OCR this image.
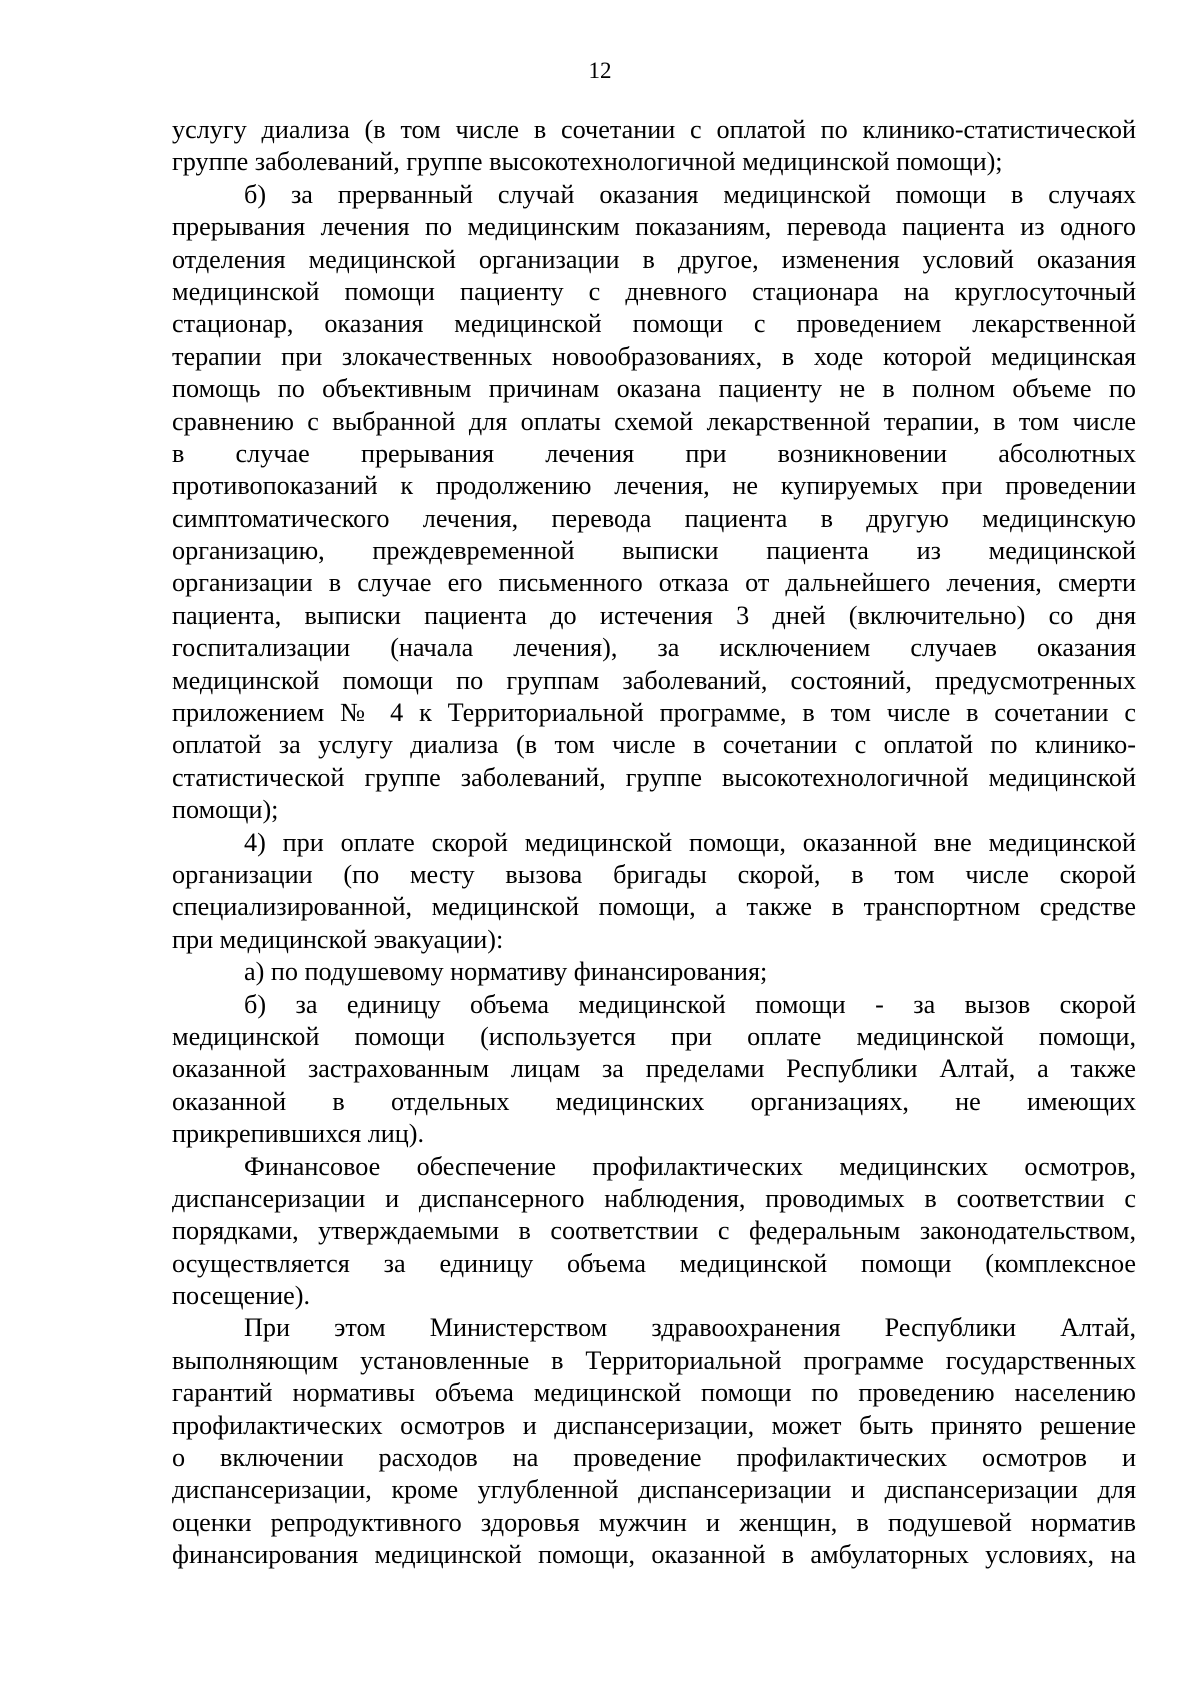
12
услугу диализа (в том числе в сочетании с оплатой по клинико-статистической
группе заболеваний, группе высокотехнологичной медицинской помощи);
б) за прерванный случай оказания медицинской помощи в случаях
прерывания лечения по медицинским показаниям, перевода пациента из одного
отделения медицинской организации в другое, изменения условий оказания
медицинской помощи пациенту с дневного стационара на круглосуточный
стационар, оказания медицинской помощи с проведением лекарственной
терапии при злокачественных новообразованиях, в ходе которой медицинская
помощь по объективным причинам оказана пациенту не в полном объеме по
сравнению с выбранной для оплаты схемой лекарственной терапии, в том числе
в случае прерывания лечения при возникновении абсолютных
противопоказаний к продолжению лечения, не купируемых при проведении
симптоматического лечения, перевода пациента в другую медицинскую
организацию, преждевременной выписки пациента из медицинской
организации в случае его письменного отказа от дальнейшего лечения, смерти
пациента, выписки пациента до истечения 3 дней (включительно) со дня
госпитализации (начала лечения), за исключением случаев оказания
медицинской помощи по группам заболеваний, состояний, предусмотренных
приложением № 4 к Территориальной программе, в том числе в сочетании с
оплатой за услугу диализа (в том числе в сочетании с оплатой по клинико-
статистической группе заболеваний, группе высокотехнологичной медицинской
помощи);
4) при оплате скорой медицинской помощи, оказанной вне медицинской
организации (по месту вызова бригады скорой, в том числе скорой
специализированной, медицинской помощи, а также в транспортном средстве
при медицинской эвакуации):
а) по подушевому нормативу финансирования;
б) за единицу объема медицинской помощи - за вызов скорой
медицинской помощи (используется при оплате медицинской помощи,
оказанной застрахованным лицам за пределами Республики Алтай, а также
оказанной в отдельных медицинских организациях, не имеющих
прикрепившихся лиц).
Финансовое обеспечение профилактических медицинских осмотров,
диспансеризации и диспансерного наблюдения, проводимых в соответствии с
порядками, утверждаемыми в соответствии с федеральным законодательством,
осуществляется за единицу объема медицинской помощи (комплексное
посещение).
При этом Министерством здравоохранения Республики Алтай,
выполняющим установленные в Территориальной программе государственных
гарантий нормативы объема медицинской помощи по проведению населению
профилактических осмотров и диспансеризации, может быть принято решение
о включении расходов на проведение профилактических осмотров и
диспансеризации, кроме углубленной диспансеризации и диспансеризации для
оценки репродуктивного здоровья мужчин и женщин, в подушевой норматив
финансирования медицинской помощи, оказанной в амбулаторных условиях, на
